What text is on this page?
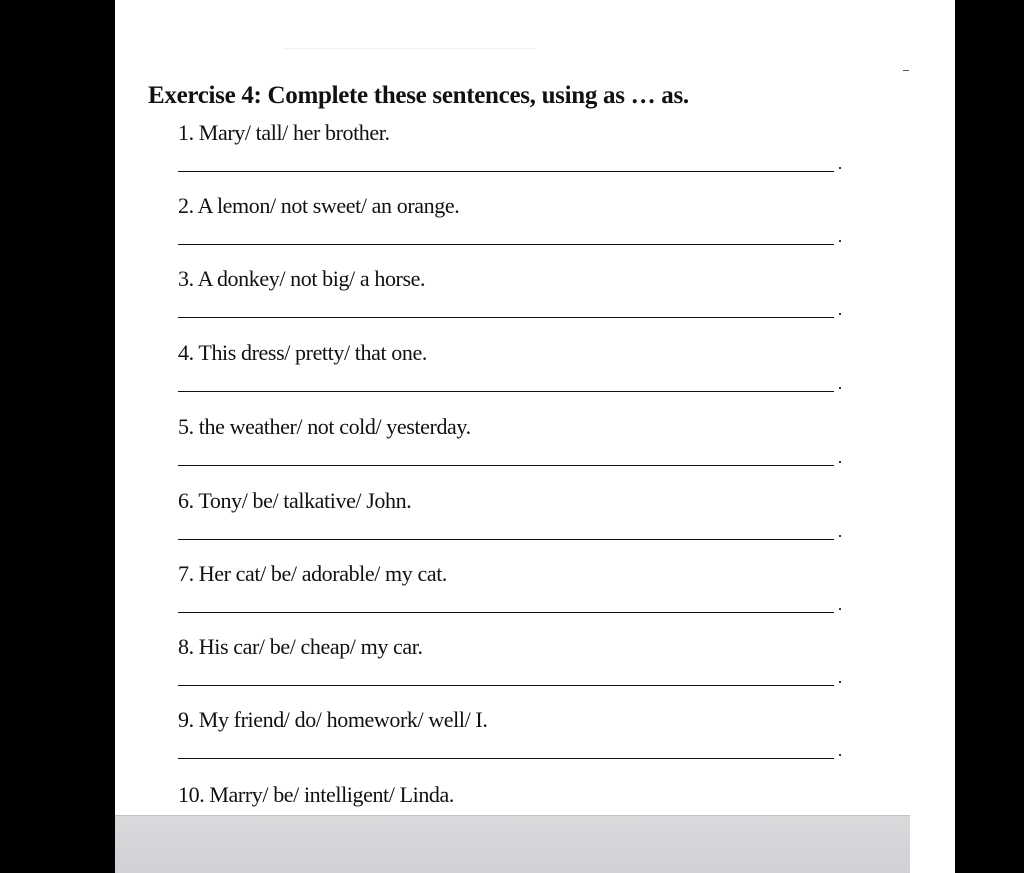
Exercise 4: Complete these sentences, using as … as.
1. Mary/ tall/ her brother.
2. A lemon/ not sweet/ an orange.
3. A donkey/ not big/ a horse.
4. This dress/ pretty/ that one.
5. the weather/ not cold/ yesterday.
6. Tony/ be/ talkative/ John.
7. Her cat/ be/ adorable/ my cat.
8. His car/ be/ cheap/ my car.
9. My friend/ do/ homework/ well/ I.
10. Marry/ be/ intelligent/ Linda.
